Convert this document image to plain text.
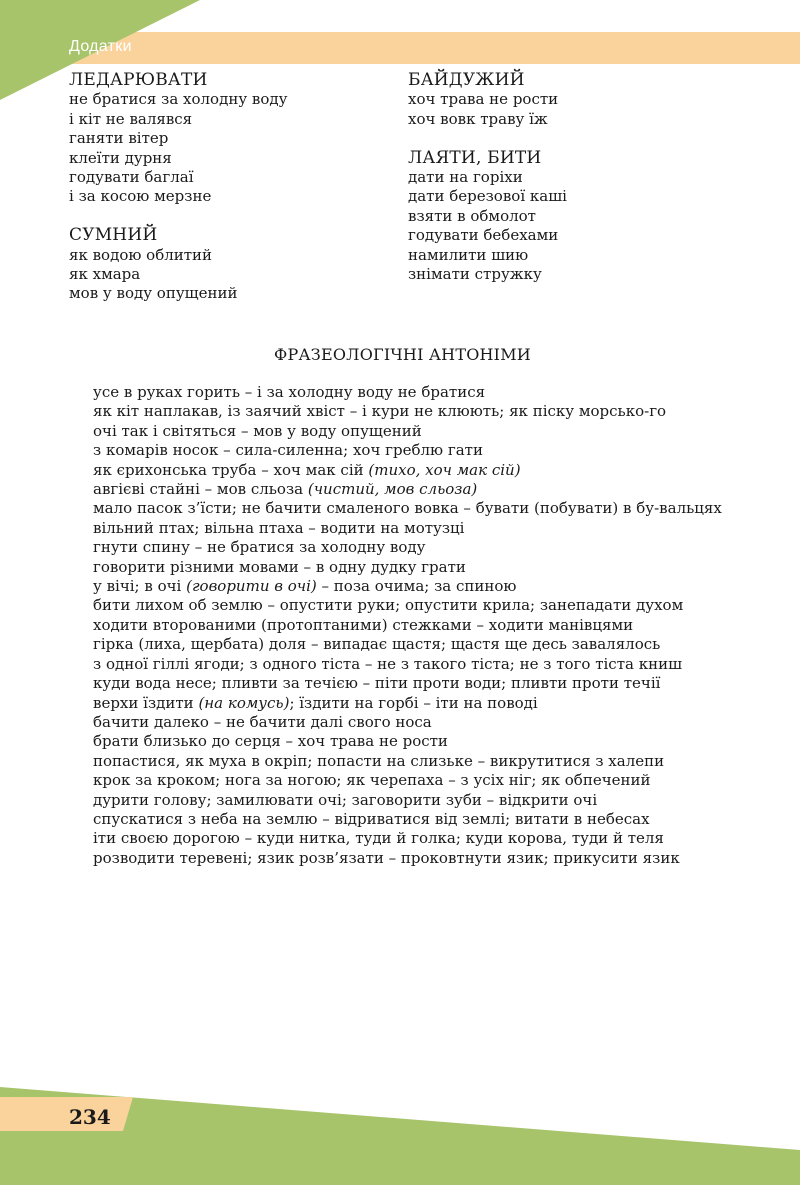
Додатки

ЛЕДАРЮВАТИ
не братися за холодну воду
і кіт не валявся
ганяти вітер
клеїти дурня
годувати баглаї
і за косою мерзне
СУМНИЙ
як водою облитий
як хмара
мов у воду опущений
БАЙДУЖИЙ
хоч трава не рости
хоч вовк траву їж
ЛАЯТИ, БИТИ
дати на горіхи
дати березової каші
взяти в обмолот
годувати бебехами
намилити шию
знімати стружку
ФРАЗЕОЛОГІЧНІ АНТОНІМИ
усе в руках горить – і за холодну воду не братися
як кіт наплакав, із заячий хвіст – і кури не клюють; як піску морсько-го
очі так і світяться – мов у воду опущений
з комарів носок – сила-силенна; хоч греблю гати
як єрихонська труба – хоч мак сій (тихо, хоч мак сій)
авгієві стайні – мов сльоза (чистий, мов сльоза)
мало пасок з’їсти; не бачити смаленого вовка – бувати (побувати) в бу-вальцях
вільний птах; вільна птаха – водити на мотузці
гнути спину – не братися за холодну воду
говорити різними мовами – в одну дудку грати
у вічі; в очі (говорити в очі) – поза очима; за спиною
бити лихом об землю – опустити руки; опустити крила; занепадати духом
ходити второваними (протоптаними) стежками – ходити манівцями
гірка (лиха, щербата) доля – випадає щастя; щастя ще десь завалялось
з одної гіллі ягоди; з одного тіста – не з такого тіста; не з того тіста книш
куди вода несе; пливти за течією – піти проти води; пливти проти течії
верхи їздити (на комусь); їздити на горбі – іти на поводі
бачити далеко – не бачити далі свого носа
брати близько до серця – хоч трава не рости
попастися, як муха в окріп; попасти на слизьке – викрутитися з халепи
крок за кроком; нога за ногою; як черепаха – з усіх ніг; як обпечений
дурити голову; замилювати очі; заговорити зуби – відкрити очі
спускатися з неба на землю – відриватися від землі; витати в небесах
іти своєю дорогою – куди нитка, туди й голка; куди корова, туди й теля
розводити теревені; язик розв’язати – проковтнути язик; прикусити язик

234
